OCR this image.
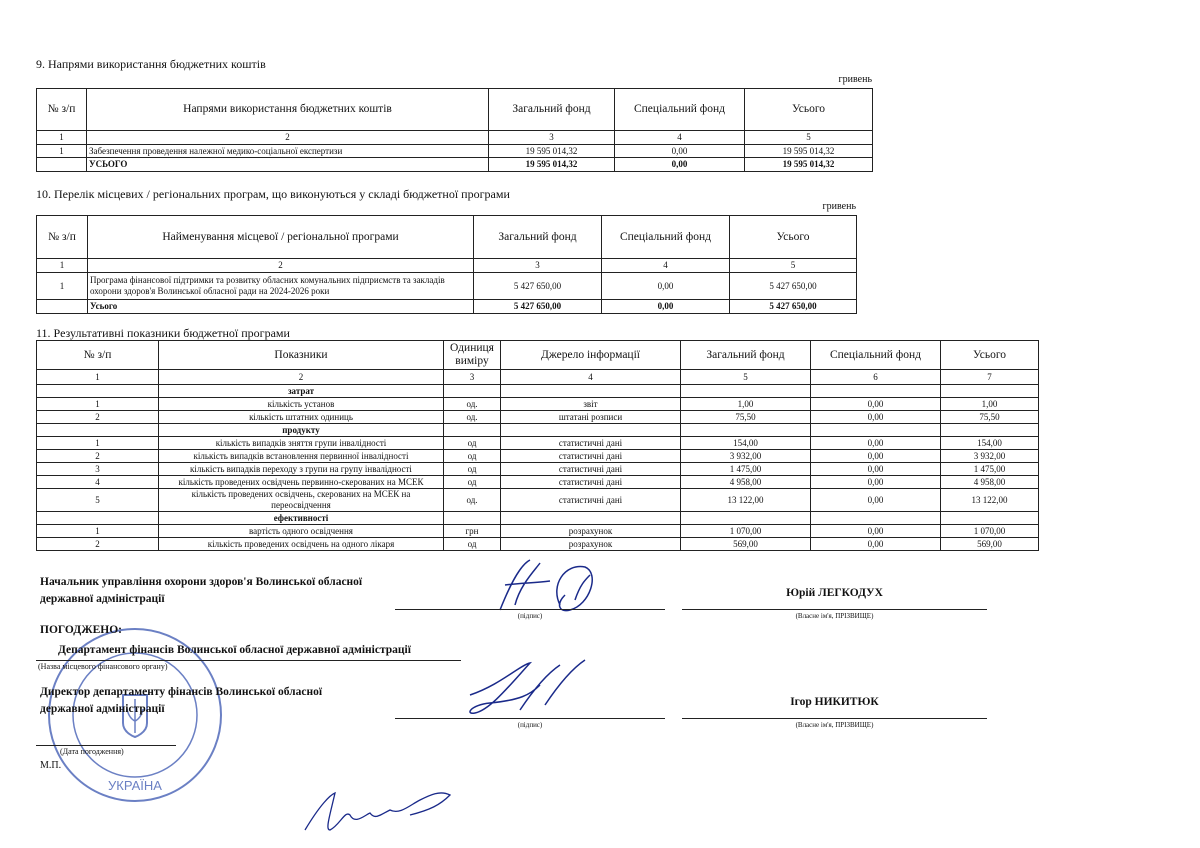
9. Напрями використання бюджетних коштів
гривень
№ з/п	Напрями використання бюджетних коштів	Загальний фонд	Спеціальний фонд	Усього
1	2	3	4	5
1	Забезпечення проведення належної медико-соціальної експертизи	19 595 014,32	0,00	19 595 014,32
	УСЬОГО	19 595 014,32	0,00	19 595 014,32
10. Перелік місцевих / регіональних програм, що виконуються у складі бюджетної програми
гривень
№ з/п	Найменування місцевої / регіональної програми	Загальний фонд	Спеціальний фонд	Усього
1	2	3	4	5
1	Програма фінансової підтримки та розвитку обласних комунальних підприємств та закладів охорони здоров'я Волинської обласної ради на 2024-2026 роки	5 427 650,00	0,00	5 427 650,00
	Усього	5 427 650,00	0,00	5 427 650,00
11. Результативні показники бюджетної програми
№ з/п	Показники	Одиниця виміру	Джерело інформації	Загальний фонд	Спеціальний фонд	Усього
1	2	3	4	5	6	7
	затрат					
1	кількість установ	од.	звіт	1,00	0,00	1,00
2	кількість штатних одиниць	од.	штатані розписи	75,50	0,00	75,50
	продукту					
1	кількість випадків зняття групи інвалідності	од	статистичні дані	154,00	0,00	154,00
2	кількість випадків встановлення первинної інвалідності	од	статистичні дані	3 932,00	0,00	3 932,00
3	кількість випадків переходу з групи на групу інвалідності	од	статистичні дані	1 475,00	0,00	1 475,00
4	кількість проведених освідчень первинно-скерованих на МСЕК	од	статистичні дані	4 958,00	0,00	4 958,00
5	кількість проведених освідчень, скерованих на МСЕК на переосвідчення	од.	статистичні дані	13 122,00	0,00	13 122,00
	ефективності					
1	вартість одного освідчення	грн	розрахунок	1 070,00	0,00	1 070,00
2	кількість проведених освідчень на одного лікаря	од	розрахунок	569,00	0,00	569,00
Начальник управління охорони здоров'я Волинської обласної державної адміністрації
(підпис)
Юрій ЛЕГКОДУХ
(Власне ім'я, ПРІЗВИЩЕ)
УКРАЇНА
ПОГОДЖЕНО:
Департамент фінансів Волинської обласної державної адміністрації
(Назва місцевого фінансового органу)
Директор департаменту фінансів Волинської обласної державної адміністрації
(підпис)
Ігор НИКИТЮК
(Власне ім'я, ПРІЗВИЩЕ)
(Дата погодження)
М.П.
